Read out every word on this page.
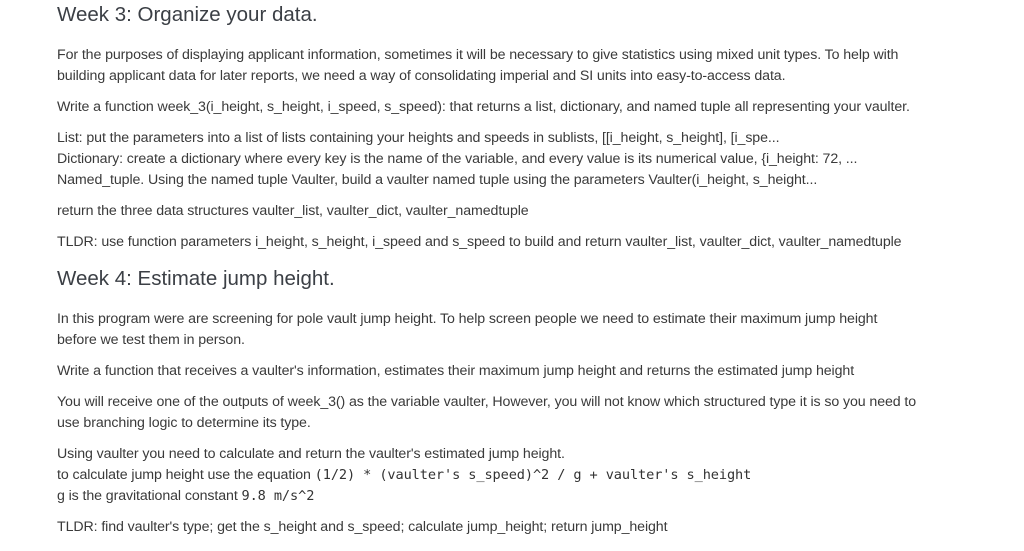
Week 3: Organize your data.

For the purposes of displaying applicant information, sometimes it will be necessary to give statistics using mixed unit types. To help with
building applicant data for later reports, we need a way of consolidating imperial and SI units into easy-to-access data.

Write a function week_3(i_height, s_height, i_speed, s_speed): that returns a list, dictionary, and named tuple all representing your vaulter.

List: put the parameters into a list of lists containing your heights and speeds in sublists, [[i_height, s_height], [i_spe...
Dictionary: create a dictionary where every key is the name of the variable, and every value is its numerical value, {i_height: 72, ...
Named_tuple. Using the named tuple Vaulter, build a vaulter named tuple using the parameters Vaulter(i_height, s_height...

return the three data structures vaulter_list, vaulter_dict, vaulter_namedtuple

TLDR: use function parameters i_height, s_height, i_speed and s_speed to build and return vaulter_list, vaulter_dict, vaulter_namedtuple

Week 4: Estimate jump height.

In this program were are screening for pole vault jump height. To help screen people we need to estimate their maximum jump height
before we test them in person.

Write a function that receives a vaulter's information, estimates their maximum jump height and returns the estimated jump height

You will receive one of the outputs of week_3() as the variable vaulter, However, you will not know which structured type it is so you need to
use branching logic to determine its type.

Using vaulter you need to calculate and return the vaulter's estimated jump height.
to calculate jump height use the equation (1/2) * (vaulter's s_speed)^2 / g + vaulter's s_height
g is the gravitational constant 9.8 m/s^2

TLDR: find vaulter's type; get the s_height and s_speed; calculate jump_height; return jump_height
